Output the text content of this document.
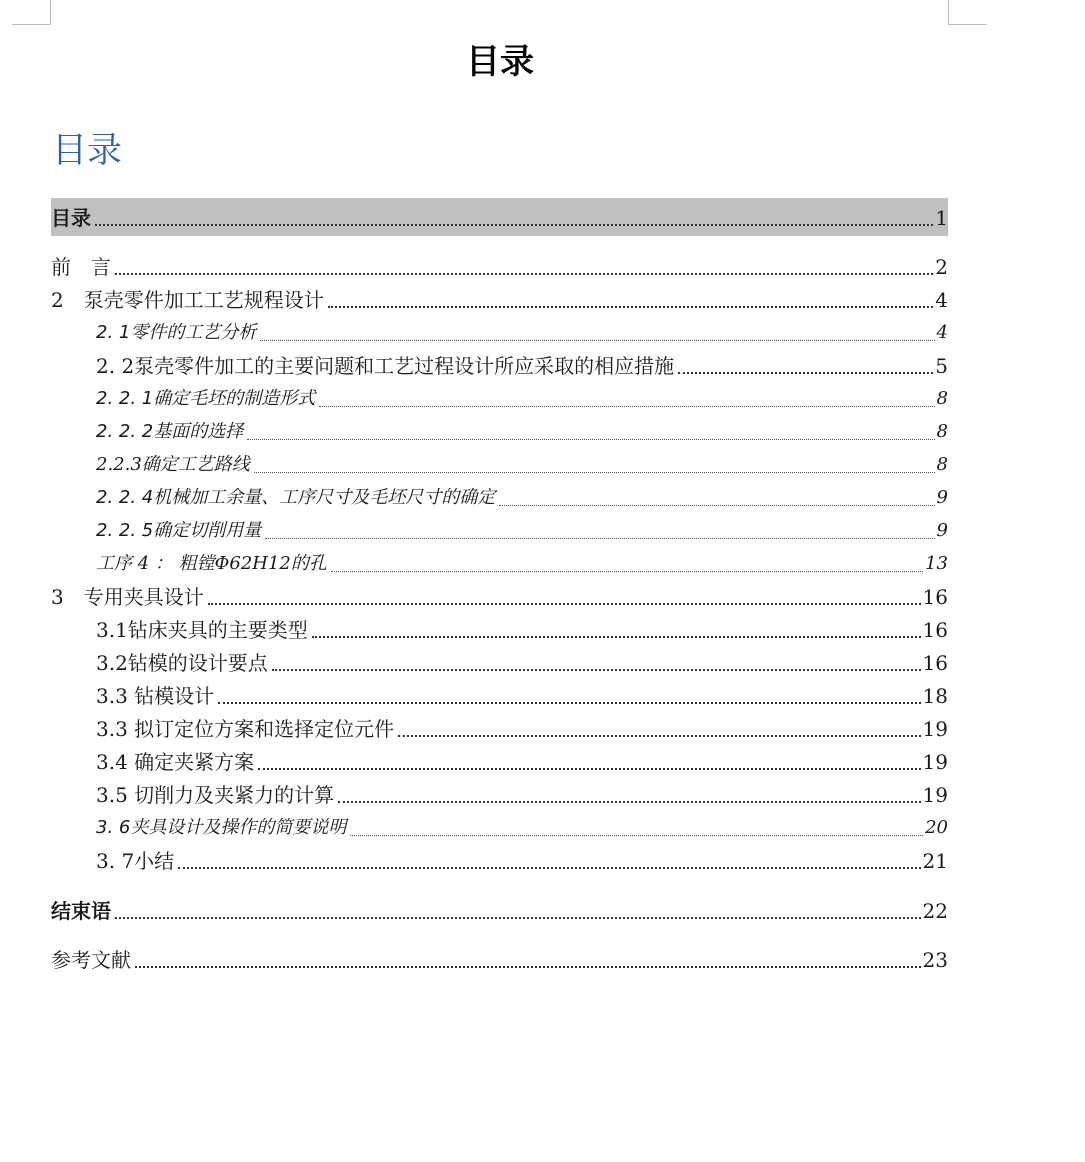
目录
目录
目录	1
前　言	2
2　泵壳零件加工工艺规程设计	4
2. 1零件的工艺分析	4
2. 2泵壳零件加工的主要问题和工艺过程设计所应采取的相应措施	5
2. 2. 1确定毛坯的制造形式	8
2. 2. 2基面的选择	8
2.2.3确定工艺路线	8
2. 2. 4机械加工余量、工序尺寸及毛坯尺寸的确定	9
2. 2. 5确定切削用量	9
工序 4 ： 粗镗Φ62H12的孔	13
3　专用夹具设计	16
3.1钻床夹具的主要类型	16
3.2钻模的设计要点	16
3.3 钻模设计	18
3.3 拟订定位方案和选择定位元件	19
3.4 确定夹紧方案	19
3.5 切削力及夹紧力的计算	19
3. 6夹具设计及操作的简要说明	20
3. 7小结	21
结束语	22
参考文献	23
